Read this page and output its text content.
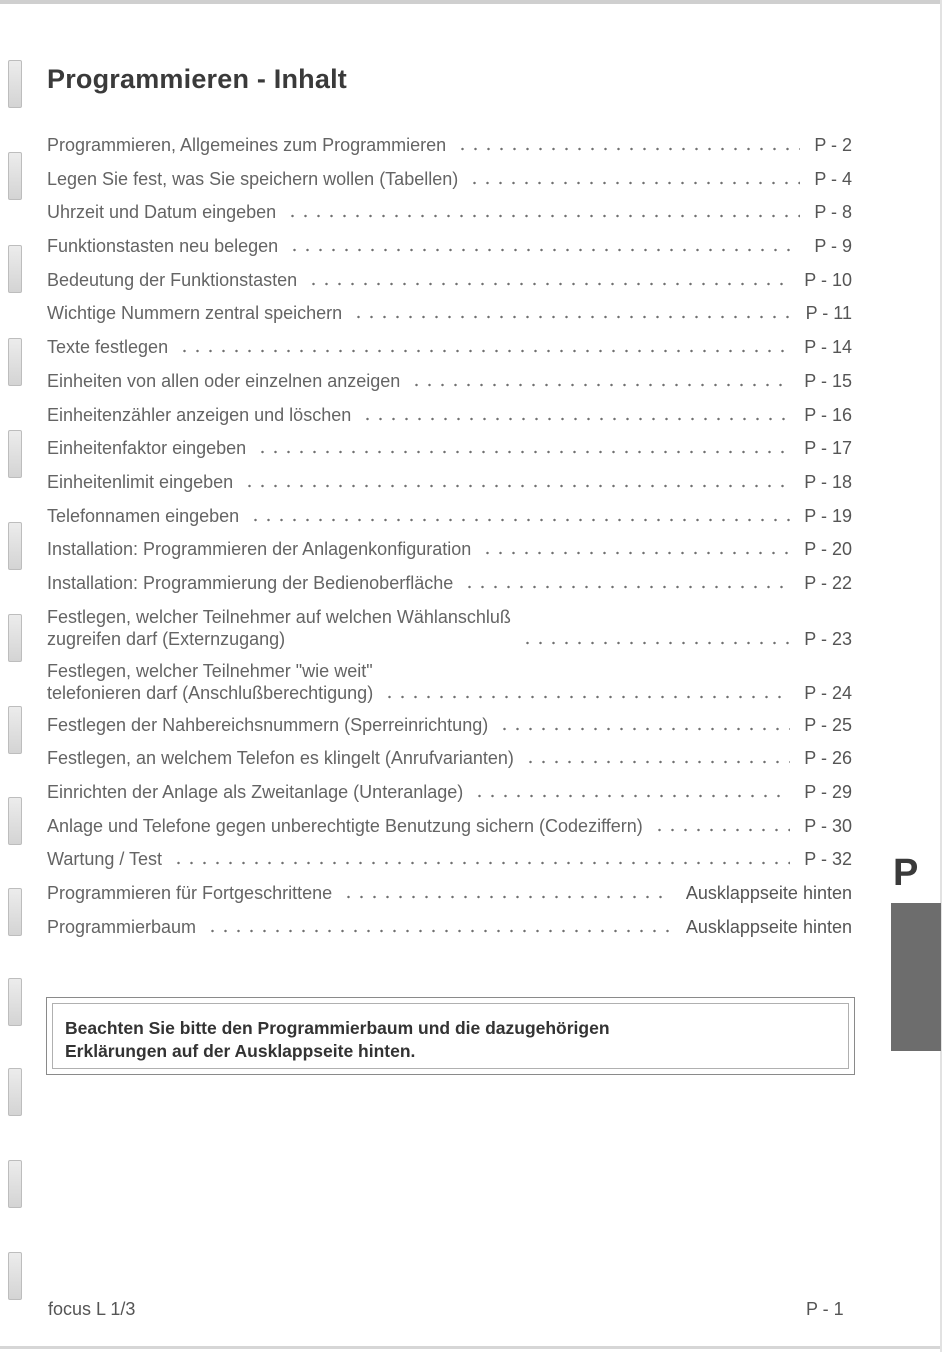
Programmieren - Inhalt
Programmieren, Allgemeines zum Programmieren	P - 2
Legen Sie fest, was Sie speichern wollen (Tabellen)	P - 4
Uhrzeit und Datum eingeben	P - 8
Funktionstasten neu belegen	P - 9
Bedeutung der Funktionstasten	P - 10
Wichtige Nummern zentral speichern	P - 11
Texte festlegen	P - 14
Einheiten von allen oder einzelnen anzeigen	P - 15
Einheitenzähler anzeigen und löschen	P - 16
Einheitenfaktor eingeben	P - 17
Einheitenlimit eingeben	P - 18
Telefonnamen eingeben	P - 19
Installation: Programmieren der Anlagenkonfiguration	P - 20
Installation: Programmierung der Bedienoberfläche	P - 22
Festlegen, welcher Teilnehmer auf welchen Wählanschluß
zugreifen darf (Externzugang)	P - 23
Festlegen, welcher Teilnehmer "wie weit"
telefonieren darf (Anschlußberechtigung)	P - 24
Festlegen der Nahbereichsnummern (Sperreinrichtung)	P - 25
Festlegen, an welchem Telefon es klingelt (Anrufvarianten)	P - 26
Einrichten der Anlage als Zweitanlage (Unteranlage)	P - 29
Anlage und Telefone gegen unberechtigte Benutzung sichern (Codeziffern)	P - 30
Wartung / Test	P - 32
Programmieren für Fortgeschrittene	Ausklappseite hinten
Programmierbaum	Ausklappseite hinten
P
Beachten Sie bitte den Programmierbaum und die dazugehörigen
Erklärungen auf der Ausklappseite hinten.
focus L 1/3	P - 1
